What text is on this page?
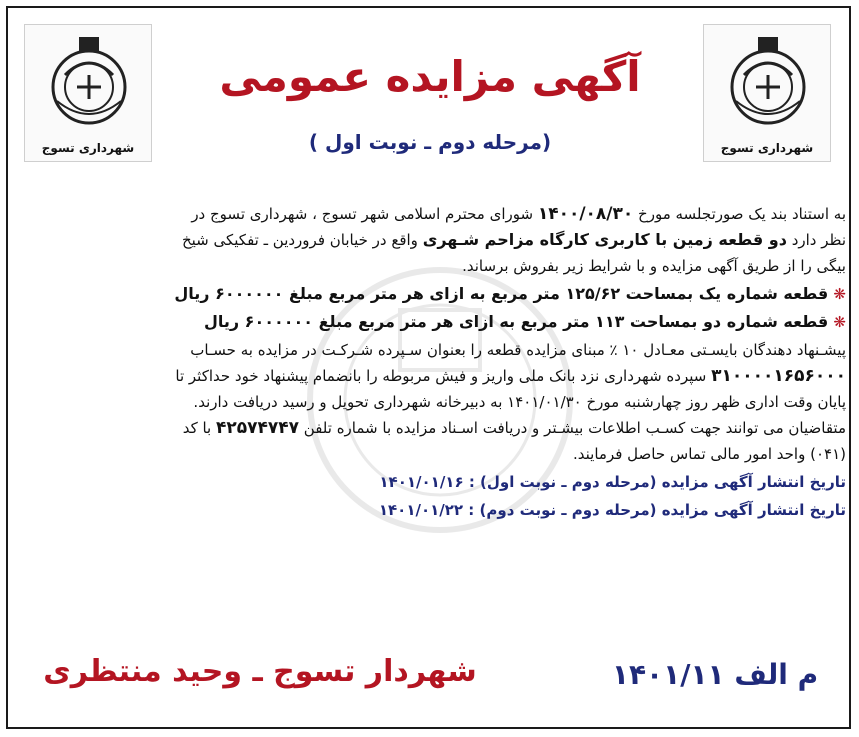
شهرداری تسوج	شهرداری تسوج
آگهی مزایده عمومی
(مرحله دوم ـ نوبت اول )
به استناد بند یک صورتجلسه مورخ ۱۴۰۰/۰۸/۳۰ شورای محترم اسلامی شهر تسوج ، شهرداری تسوج در
نظر دارد دو قطعه زمین با کاربری کارگاه مزاحم شـهری واقع در خیابان فروردین ـ تفکیکی شیخ
بیگی را از طریق آگهی مزایده و با شرایط زیر بفروش برساند.
❋ قطعه شماره یک بمساحت ۱۲۵/۶۲ متر مربع به ازای هر متر مربع مبلغ ۶۰۰۰۰۰۰ ریال
❋ قطعه شماره دو بمساحت ۱۱۳ متر مربع به ازای هر متر مربع مبلغ ۶۰۰۰۰۰۰ ریال
پیشـنهاد دهندگان بایسـتی معـادل ۱۰ ٪ مبنای مزایده قطعه را بعنوان سـپرده شـرکـت در مزایده به حسـاب
۳۱۰۰۰۰۱۶۵۶۰۰۰ سپرده شهرداری نزد بانک ملی واریز و فیش مربوطه را بانضمام پیشنهاد خود حداکثر تا
پایان وقت اداری ظهر روز چهارشنبه مورخ ۱۴۰۱/۰۱/۳۰ به دبیرخانه شهرداری تحویل و رسید دریافت دارند.
متقاضیان می توانند جهت کسـب اطلاعات بیشـتر و دریافت اسـناد مزایده با شماره تلفن ۴۲۵۷۴۷۴۷ با کد
(۰۴۱) واحد امور مالی تماس حاصل فرمایند.
تاریخ انتشار آگهی مزایده (مرحله دوم ـ نوبت اول) : ۱۴۰۱/۰۱/۱۶
تاریخ انتشار آگهی مزایده (مرحله دوم ـ نوبت دوم) : ۱۴۰۱/۰۱/۲۲
شهردار تسوج ـ وحید منتظری	م الف ۱۴۰۱/۱۱
